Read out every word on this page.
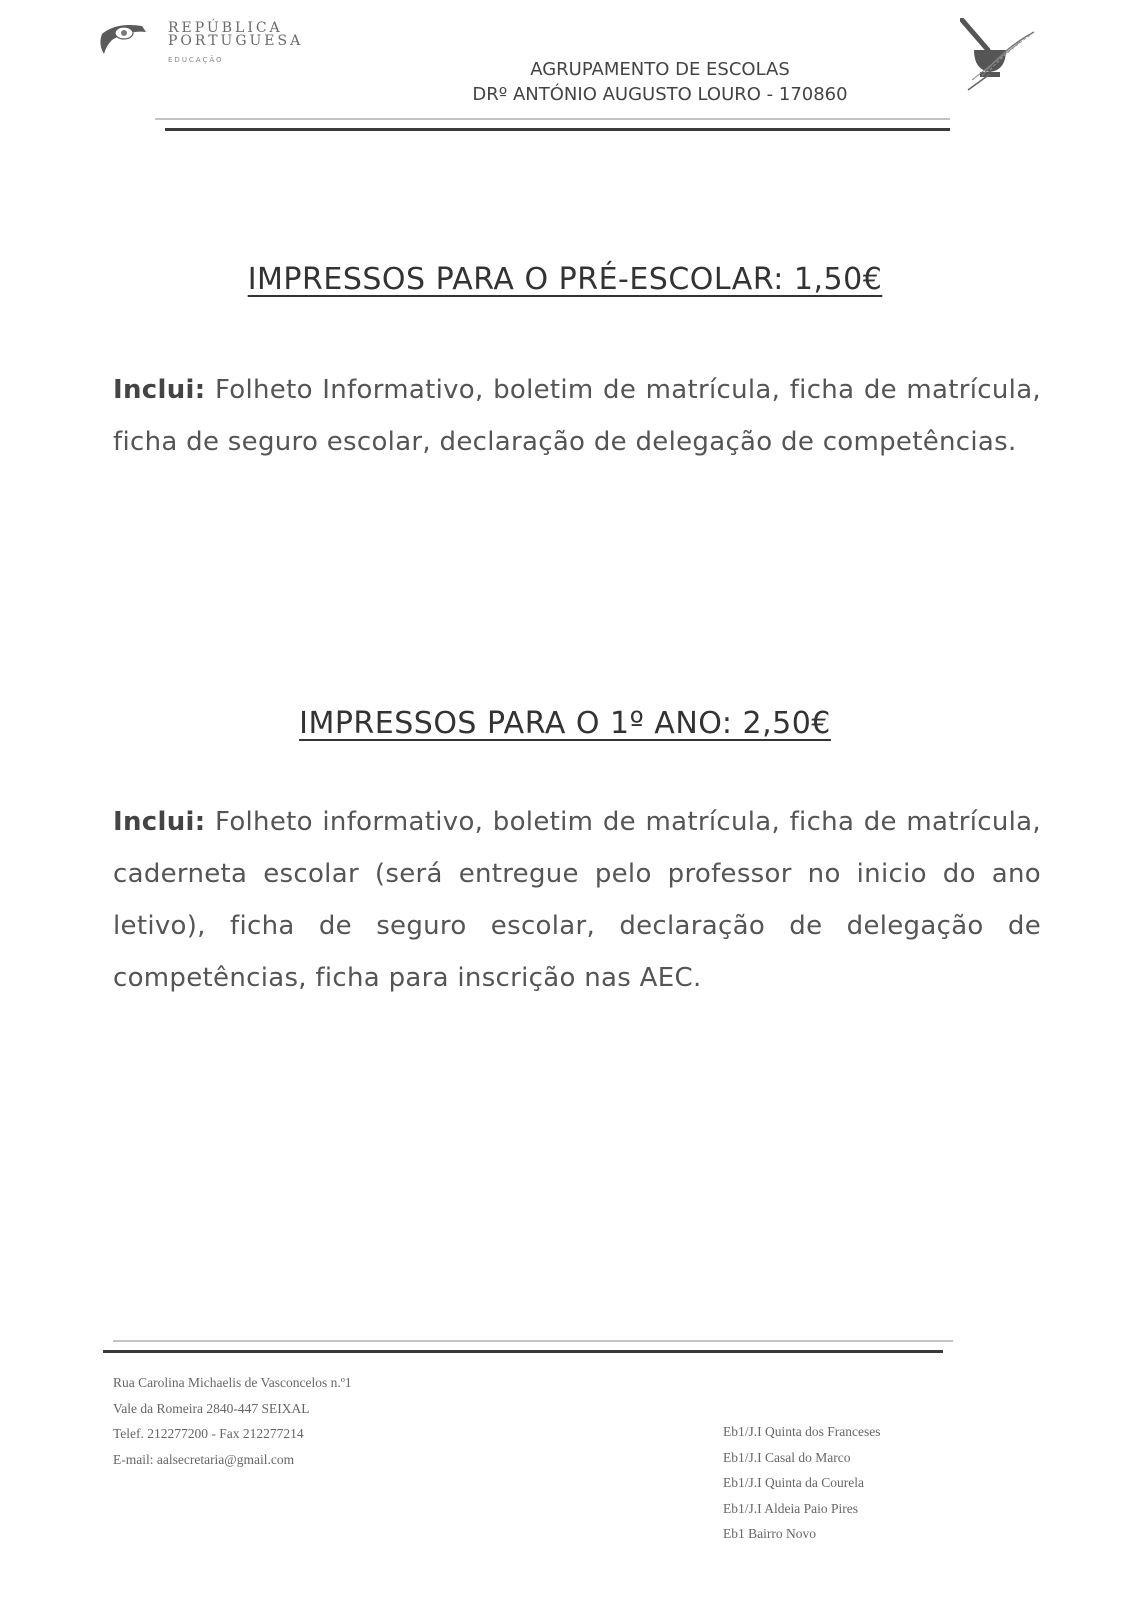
REPÚBLICA
PORTUGUESA
EDUCAÇÃO	AGRUPAMENTO DE ESCOLAS
DRº ANTÓNIO AUGUSTO LOURO - 170860
IMPRESSOS PARA O PRÉ-ESCOLAR: 1,50€
Inclui: Folheto Informativo, boletim de matrícula, ficha de matrícula, ficha de seguro escolar, declaração de delegação de competências.
IMPRESSOS PARA O 1º ANO: 2,50€
Inclui: Folheto informativo, boletim de matrícula, ficha de matrícula, caderneta escolar (será entregue pelo professor no inicio do ano letivo), ficha de seguro escolar, declaração de delegação de competências, ficha para inscrição nas AEC.
Rua Carolina Michaelis de Vasconcelos n.º1
Vale da Romeira 2840-447 SEIXAL
Telef. 212277200 - Fax 212277214
E-mail: aalsecretaria@gmail.com
Eb1/J.I Quinta dos Franceses
Eb1/J.I Casal do Marco
Eb1/J.I Quinta da Courela
Eb1/J.I Aldeia Paio Pires
Eb1 Bairro Novo
